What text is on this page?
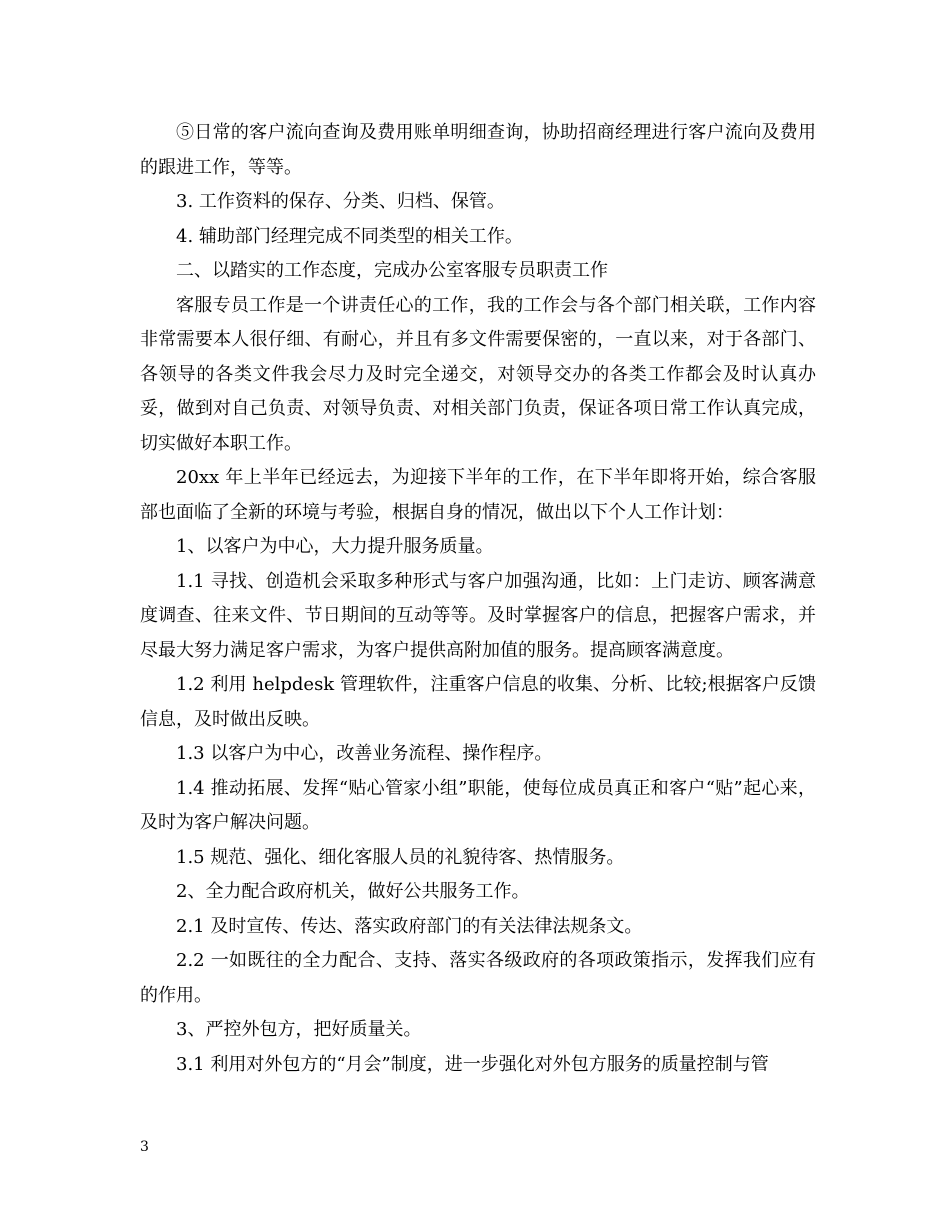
⑤日常的客户流向查询及费用账单明细查询，协助招商经理进行客户流向及费用的跟进工作，等等。

3. 工作资料的保存、分类、归档、保管。

4. 辅助部门经理完成不同类型的相关工作。

二、以踏实的工作态度，完成办公室客服专员职责工作

客服专员工作是一个讲责任心的工作，我的工作会与各个部门相关联，工作内容非常需要本人很仔细、有耐心，并且有多文件需要保密的，一直以来，对于各部门、各领导的各类文件我会尽力及时完全递交，对领导交办的各类工作都会及时认真办妥，做到对自己负责、对领导负责、对相关部门负责，保证各项日常工作认真完成，切实做好本职工作。

20xx 年上半年已经远去，为迎接下半年的工作，在下半年即将开始，综合客服部也面临了全新的环境与考验，根据自身的情况，做出以下个人工作计划：

1、以客户为中心，大力提升服务质量。

1.1 寻找、创造机会采取多种形式与客户加强沟通，比如：上门走访、顾客满意度调查、往来文件、节日期间的互动等等。及时掌握客户的信息，把握客户需求，并尽最大努力满足客户需求，为客户提供高附加值的服务。提高顾客满意度。

1.2 利用 helpdesk 管理软件，注重客户信息的收集、分析、比较;根据客户反馈信息，及时做出反映。

1.3 以客户为中心，改善业务流程、操作程序。

1.4 推动拓展、发挥“贴心管家小组”职能，使每位成员真正和客户“贴”起心来，及时为客户解决问题。

1.5 规范、强化、细化客服人员的礼貌待客、热情服务。

2、全力配合政府机关，做好公共服务工作。

2.1 及时宣传、传达、落实政府部门的有关法律法规条文。

2.2 一如既往的全力配合、支持、落实各级政府的各项政策指示，发挥我们应有的作用。

3、严控外包方，把好质量关。

3.1 利用对外包方的“月会”制度，进一步强化对外包方服务的质量控制与管

3
